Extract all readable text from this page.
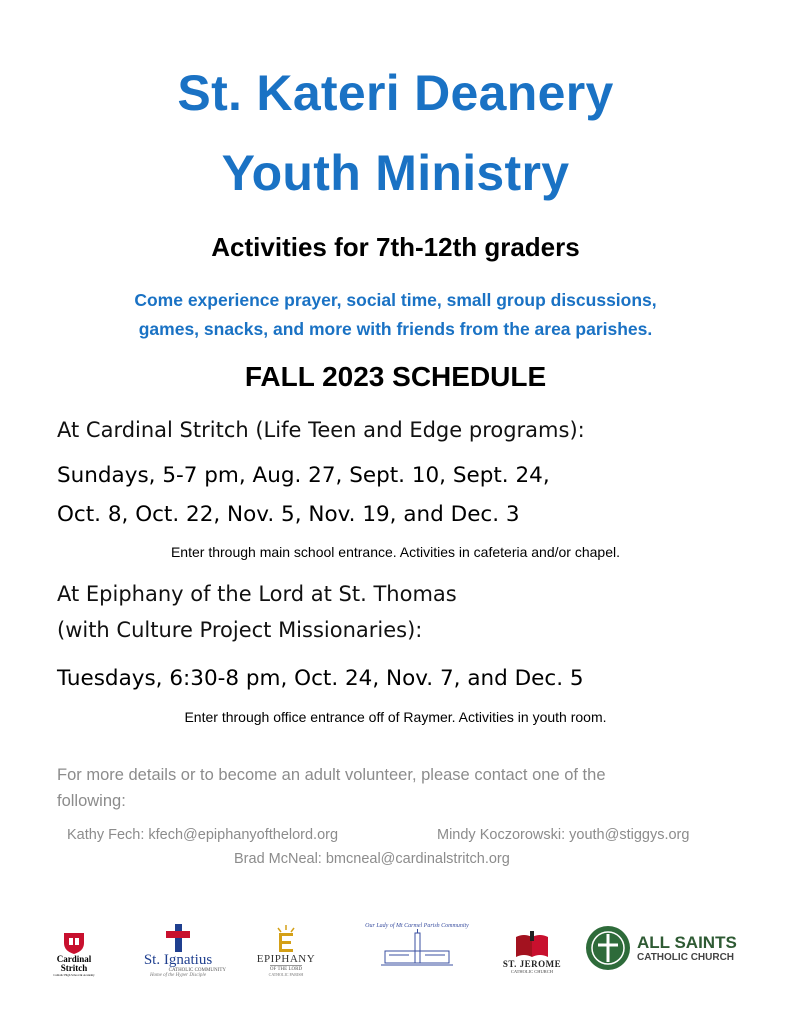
St. Kateri Deanery
Youth Ministry
Activities for 7th-12th graders
Come experience prayer, social time, small group discussions,
games, snacks, and more with friends from the area parishes.
FALL 2023 SCHEDULE
At Cardinal Stritch (Life Teen and Edge programs):
Sundays, 5-7 pm, Aug. 27, Sept. 10, Sept. 24,
Oct. 8, Oct. 22, Nov. 5, Nov. 19, and Dec. 3
Enter through main school entrance. Activities in cafeteria and/or chapel.
At Epiphany of the Lord at St. Thomas
(with Culture Project Missionaries):
Tuesdays, 6:30-8 pm, Oct. 24, Nov. 7, and Dec. 5
Enter through office entrance off of Raymer. Activities in youth room.
For more details or to become an adult volunteer, please contact one of the
following:
Kathy Fech: kfech@epiphanyofthelord.org	Mindy Koczorowski: youth@stiggys.org
Brad McNeal: bmcneal@cardinalstritch.org
Cardinal
Stritch
Catholic High School & Academy
St. Ignatius
CATHOLIC COMMUNITY
Home of the Hyper Disciple
EPIPHANY
OF THE LORD
CATHOLIC PARISH
Our Lady of Mt Carmel Parish Community
ST. JEROME
CATHOLIC CHURCH
ALL SAINTS
CATHOLIC CHURCH
